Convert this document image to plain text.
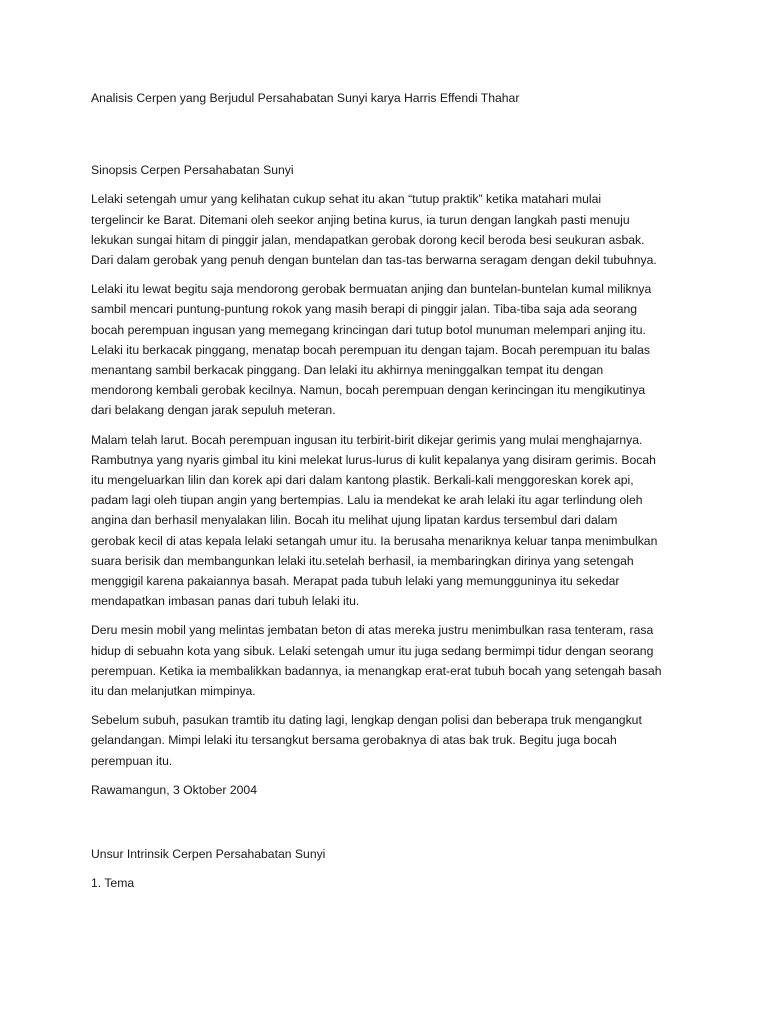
Analisis Cerpen yang Berjudul Persahabatan Sunyi karya Harris Effendi Thahar

Sinopsis Cerpen Persahabatan Sunyi

Lelaki setengah umur yang kelihatan cukup sehat itu akan “tutup praktik” ketika matahari mulai

tergelincir ke Barat. Ditemani oleh seekor anjing betina kurus, ia turun dengan langkah pasti menuju

lekukan sungai hitam di pinggir jalan, mendapatkan gerobak dorong kecil beroda besi seukuran asbak.

Dari dalam gerobak yang penuh dengan buntelan dan tas-tas berwarna seragam dengan dekil tubuhnya.

Lelaki itu lewat begitu saja mendorong gerobak bermuatan anjing dan buntelan-buntelan kumal miliknya

sambil mencari puntung-puntung rokok yang masih berapi di pinggir jalan. Tiba-tiba saja ada seorang

bocah perempuan ingusan yang memegang krincingan dari tutup botol munuman melempari anjing itu.

Lelaki itu berkacak pinggang, menatap bocah perempuan itu dengan tajam. Bocah perempuan itu balas

menantang sambil berkacak pinggang. Dan lelaki itu akhirnya meninggalkan tempat itu dengan

mendorong kembali gerobak kecilnya. Namun, bocah perempuan dengan kerincingan itu mengikutinya

dari belakang dengan jarak sepuluh meteran.

Malam telah larut. Bocah perempuan ingusan itu terbirit-birit dikejar gerimis yang mulai menghajarnya.

Rambutnya yang nyaris gimbal itu kini melekat lurus-lurus di kulit kepalanya yang disiram gerimis. Bocah

itu mengeluarkan lilin dan korek api dari dalam kantong plastik. Berkali-kali menggoreskan korek api,

padam lagi oleh tiupan angin yang bertempias. Lalu ia mendekat ke arah lelaki itu agar terlindung oleh

angina dan berhasil menyalakan lilin. Bocah itu melihat ujung lipatan kardus tersembul dari dalam

gerobak kecil di atas kepala lelaki setangah umur itu. Ia berusaha menariknya keluar tanpa menimbulkan

suara berisik dan membangunkan lelaki itu.setelah berhasil, ia membaringkan dirinya yang setengah

menggigil karena pakaiannya basah. Merapat pada tubuh lelaki yang memungguninya itu sekedar

mendapatkan imbasan panas dari tubuh lelaki itu.

Deru mesin mobil yang melintas jembatan beton di atas mereka justru menimbulkan rasa tenteram, rasa

hidup di sebuahn kota yang sibuk. Lelaki setengah umur itu juga sedang bermimpi tidur dengan seorang

perempuan. Ketika ia membalikkan badannya, ia menangkap erat-erat tubuh bocah yang setengah basah

itu dan melanjutkan mimpinya.

Sebelum subuh, pasukan tramtib itu dating lagi, lengkap dengan polisi dan beberapa truk mengangkut

gelandangan. Mimpi lelaki itu tersangkut bersama gerobaknya di atas bak truk. Begitu juga bocah

perempuan itu.

Rawamangun, 3 Oktober 2004

Unsur Intrinsik Cerpen Persahabatan Sunyi

1. Tema
